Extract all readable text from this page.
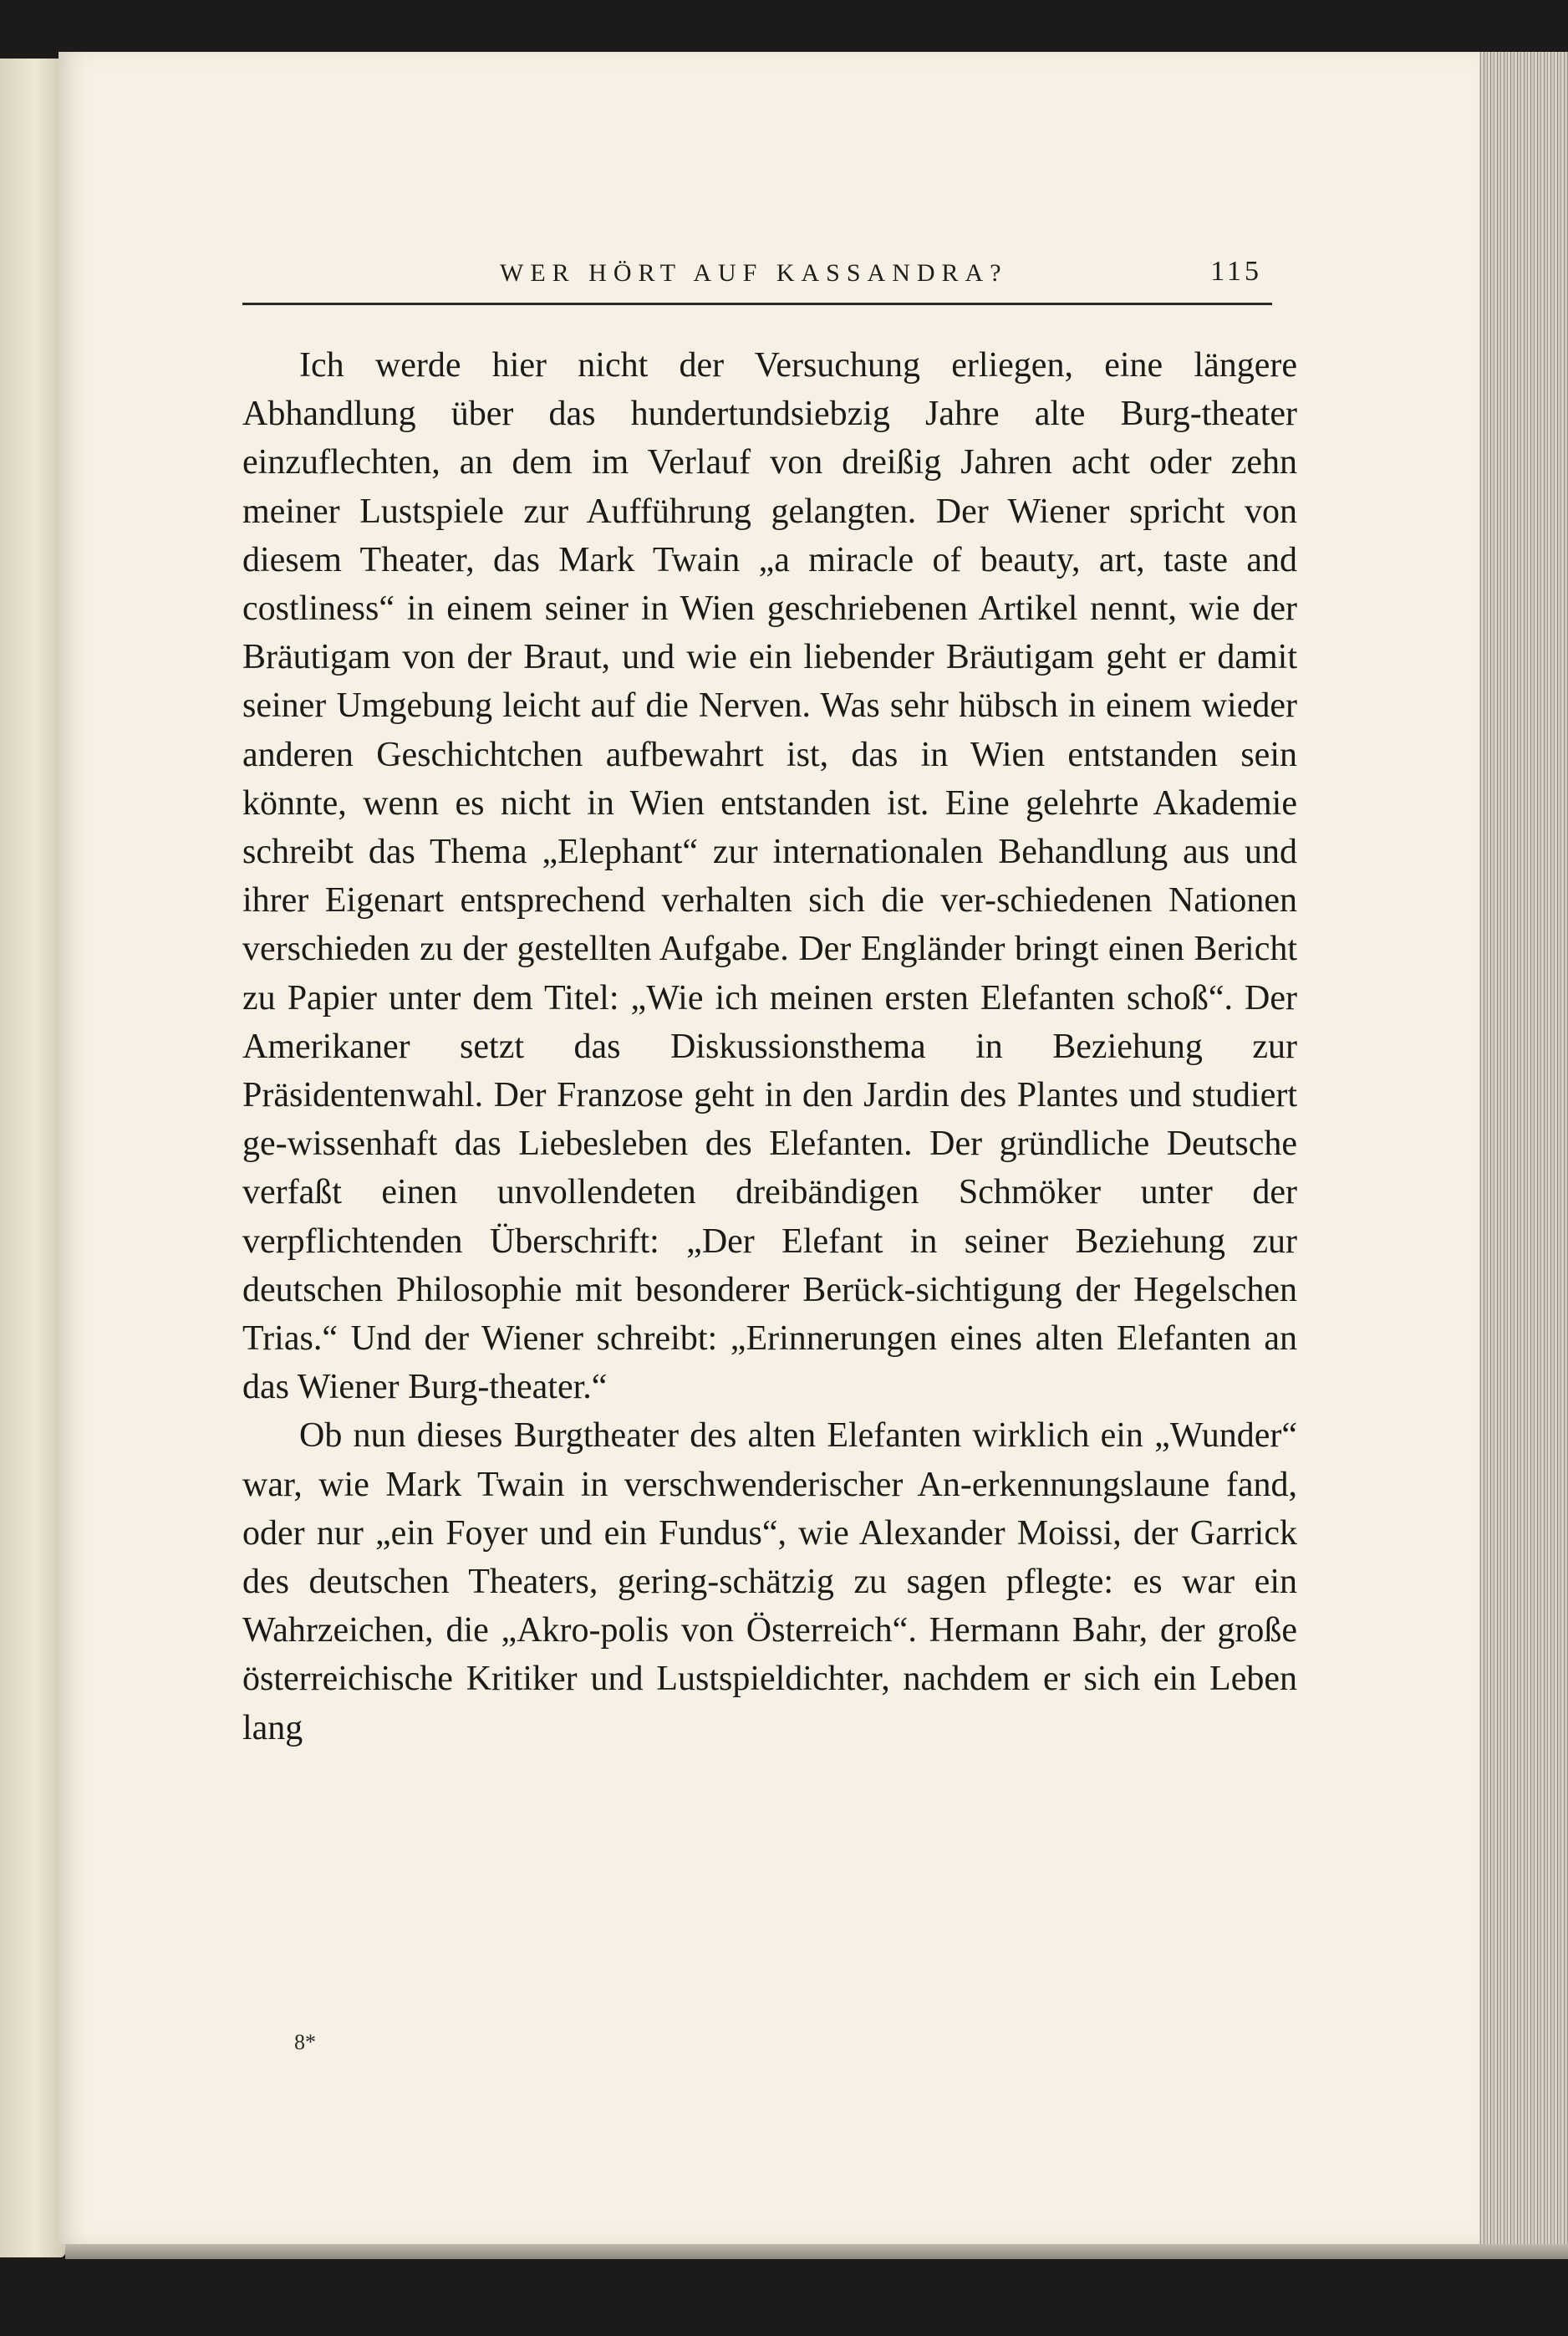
WER HÖRT AUF KASSANDRA?	115

Ich werde hier nicht der Versuchung erliegen, eine längere Abhandlung über das hundertundsiebzig Jahre alte Burg-theater einzuflechten, an dem im Verlauf von dreißig Jahren acht oder zehn meiner Lustspiele zur Aufführung gelangten. Der Wiener spricht von diesem Theater, das Mark Twain „a miracle of beauty, art, taste and costliness“ in einem seiner in Wien geschriebenen Artikel nennt, wie der Bräutigam von der Braut, und wie ein liebender Bräutigam geht er damit seiner Umgebung leicht auf die Nerven. Was sehr hübsch in einem wieder anderen Geschichtchen aufbewahrt ist, das in Wien entstanden sein könnte, wenn es nicht in Wien entstanden ist. Eine gelehrte Akademie schreibt das Thema „Elephant“ zur internationalen Behandlung aus und ihrer Eigenart entsprechend verhalten sich die ver-schiedenen Nationen verschieden zu der gestellten Aufgabe. Der Engländer bringt einen Bericht zu Papier unter dem Titel: „Wie ich meinen ersten Elefanten schoß“. Der Amerikaner setzt das Diskussionsthema in Beziehung zur Präsidentenwahl. Der Franzose geht in den Jardin des Plantes und studiert ge-wissenhaft das Liebesleben des Elefanten. Der gründliche Deutsche verfaßt einen unvollendeten dreibändigen Schmöker unter der verpflichtenden Überschrift: „Der Elefant in seiner Beziehung zur deutschen Philosophie mit besonderer Berück-sichtigung der Hegelschen Trias.“ Und der Wiener schreibt: „Erinnerungen eines alten Elefanten an das Wiener Burg-theater.“

Ob nun dieses Burgtheater des alten Elefanten wirklich ein „Wunder“ war, wie Mark Twain in verschwenderischer An-erkennungslaune fand, oder nur „ein Foyer und ein Fundus“, wie Alexander Moissi, der Garrick des deutschen Theaters, gering-schätzig zu sagen pflegte: es war ein Wahrzeichen, die „Akro-polis von Österreich“. Hermann Bahr, der große österreichische Kritiker und Lustspieldichter, nachdem er sich ein Leben lang

8*
